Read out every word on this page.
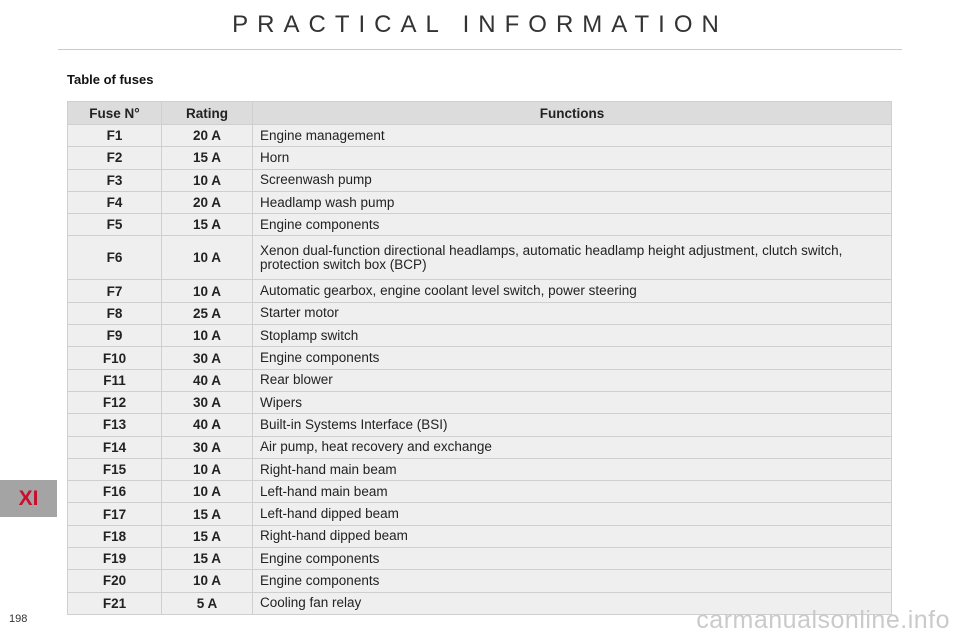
PRACTICAL INFORMATION
Table of fuses
Fuse N°	Rating	Functions
F1	20 A	Engine management
F2	15 A	Horn
F3	10 A	Screenwash pump
F4	20 A	Headlamp wash pump
F5	15 A	Engine components
F6	10 A	Xenon dual-function directional headlamps, automatic headlamp height adjustment, clutch switch, protection switch box (BCP)
F7	10 A	Automatic gearbox, engine coolant level switch, power steering
F8	25 A	Starter motor
F9	10 A	Stoplamp switch
F10	30 A	Engine components
F11	40 A	Rear blower
F12	30 A	Wipers
F13	40 A	Built-in Systems Interface (BSI)
F14	30 A	Air pump, heat recovery and exchange
F15	10 A	Right-hand main beam
F16	10 A	Left-hand main beam
F17	15 A	Left-hand dipped beam
F18	15 A	Right-hand dipped beam
F19	15 A	Engine components
F20	10 A	Engine components
F21	5 A	Cooling fan relay
XI
198	carmanualsonline.info
